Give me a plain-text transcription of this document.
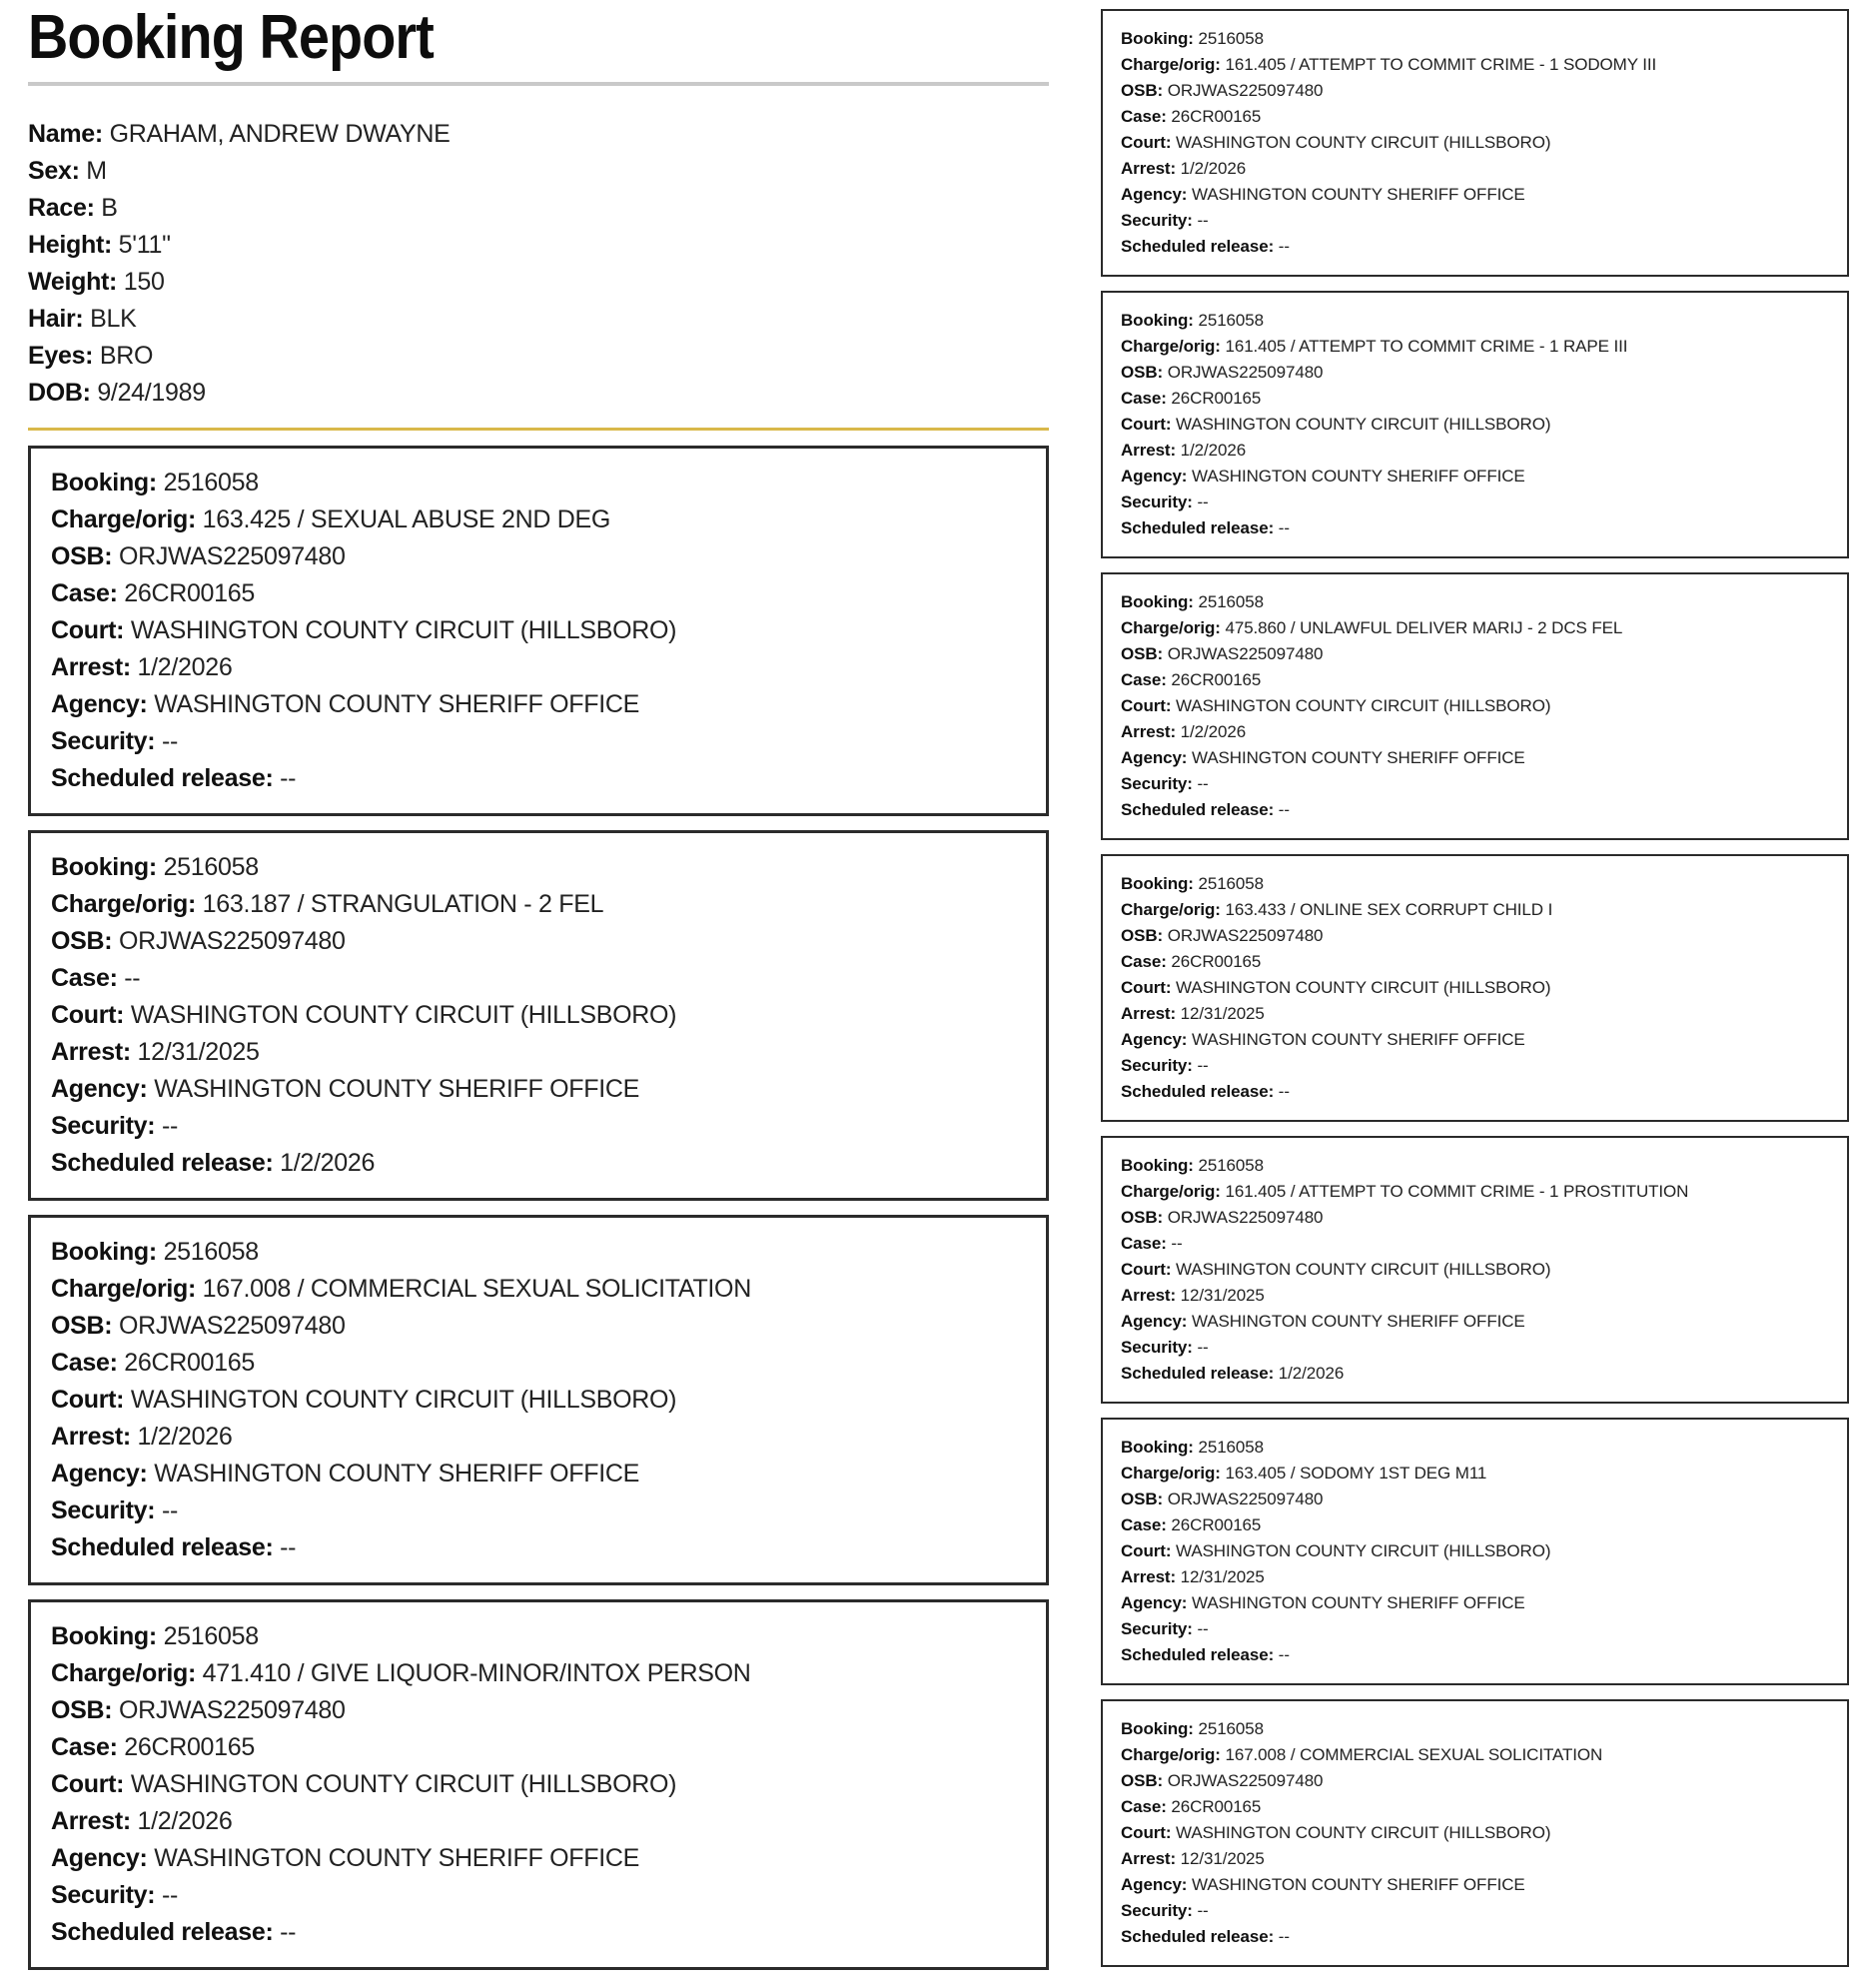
Booking Report
Name: GRAHAM, ANDREW DWAYNE
Sex: M
Race: B
Height: 5'11"
Weight: 150
Hair: BLK
Eyes: BRO
DOB: 9/24/1989
Booking: 2516058
Charge/orig: 163.425 / SEXUAL ABUSE 2ND DEG
OSB: ORJWAS225097480
Case: 26CR00165
Court: WASHINGTON COUNTY CIRCUIT (HILLSBORO)
Arrest: 1/2/2026
Agency: WASHINGTON COUNTY SHERIFF OFFICE
Security: --
Scheduled release: --
Booking: 2516058
Charge/orig: 163.187 / STRANGULATION - 2 FEL
OSB: ORJWAS225097480
Case: --
Court: WASHINGTON COUNTY CIRCUIT (HILLSBORO)
Arrest: 12/31/2025
Agency: WASHINGTON COUNTY SHERIFF OFFICE
Security: --
Scheduled release: 1/2/2026
Booking: 2516058
Charge/orig: 167.008 / COMMERCIAL SEXUAL SOLICITATION
OSB: ORJWAS225097480
Case: 26CR00165
Court: WASHINGTON COUNTY CIRCUIT (HILLSBORO)
Arrest: 1/2/2026
Agency: WASHINGTON COUNTY SHERIFF OFFICE
Security: --
Scheduled release: --
Booking: 2516058
Charge/orig: 471.410 / GIVE LIQUOR-MINOR/INTOX PERSON
OSB: ORJWAS225097480
Case: 26CR00165
Court: WASHINGTON COUNTY CIRCUIT (HILLSBORO)
Arrest: 1/2/2026
Agency: WASHINGTON COUNTY SHERIFF OFFICE
Security: --
Scheduled release: --
Booking: 2516058
Charge/orig: 161.405 / ATTEMPT TO COMMIT CRIME - 1 SODOMY III
OSB: ORJWAS225097480
Case: 26CR00165
Court: WASHINGTON COUNTY CIRCUIT (HILLSBORO)
Arrest: 1/2/2026
Agency: WASHINGTON COUNTY SHERIFF OFFICE
Security: --
Scheduled release: --
Booking: 2516058
Charge/orig: 161.405 / ATTEMPT TO COMMIT CRIME - 1 RAPE III
OSB: ORJWAS225097480
Case: 26CR00165
Court: WASHINGTON COUNTY CIRCUIT (HILLSBORO)
Arrest: 1/2/2026
Agency: WASHINGTON COUNTY SHERIFF OFFICE
Security: --
Scheduled release: --
Booking: 2516058
Charge/orig: 475.860 / UNLAWFUL DELIVER MARIJ - 2 DCS FEL
OSB: ORJWAS225097480
Case: 26CR00165
Court: WASHINGTON COUNTY CIRCUIT (HILLSBORO)
Arrest: 1/2/2026
Agency: WASHINGTON COUNTY SHERIFF OFFICE
Security: --
Scheduled release: --
Booking: 2516058
Charge/orig: 163.433 / ONLINE SEX CORRUPT CHILD I
OSB: ORJWAS225097480
Case: 26CR00165
Court: WASHINGTON COUNTY CIRCUIT (HILLSBORO)
Arrest: 12/31/2025
Agency: WASHINGTON COUNTY SHERIFF OFFICE
Security: --
Scheduled release: --
Booking: 2516058
Charge/orig: 161.405 / ATTEMPT TO COMMIT CRIME - 1 PROSTITUTION
OSB: ORJWAS225097480
Case: --
Court: WASHINGTON COUNTY CIRCUIT (HILLSBORO)
Arrest: 12/31/2025
Agency: WASHINGTON COUNTY SHERIFF OFFICE
Security: --
Scheduled release: 1/2/2026
Booking: 2516058
Charge/orig: 163.405 / SODOMY 1ST DEG M11
OSB: ORJWAS225097480
Case: 26CR00165
Court: WASHINGTON COUNTY CIRCUIT (HILLSBORO)
Arrest: 12/31/2025
Agency: WASHINGTON COUNTY SHERIFF OFFICE
Security: --
Scheduled release: --
Booking: 2516058
Charge/orig: 167.008 / COMMERCIAL SEXUAL SOLICITATION
OSB: ORJWAS225097480
Case: 26CR00165
Court: WASHINGTON COUNTY CIRCUIT (HILLSBORO)
Arrest: 12/31/2025
Agency: WASHINGTON COUNTY SHERIFF OFFICE
Security: --
Scheduled release: --
